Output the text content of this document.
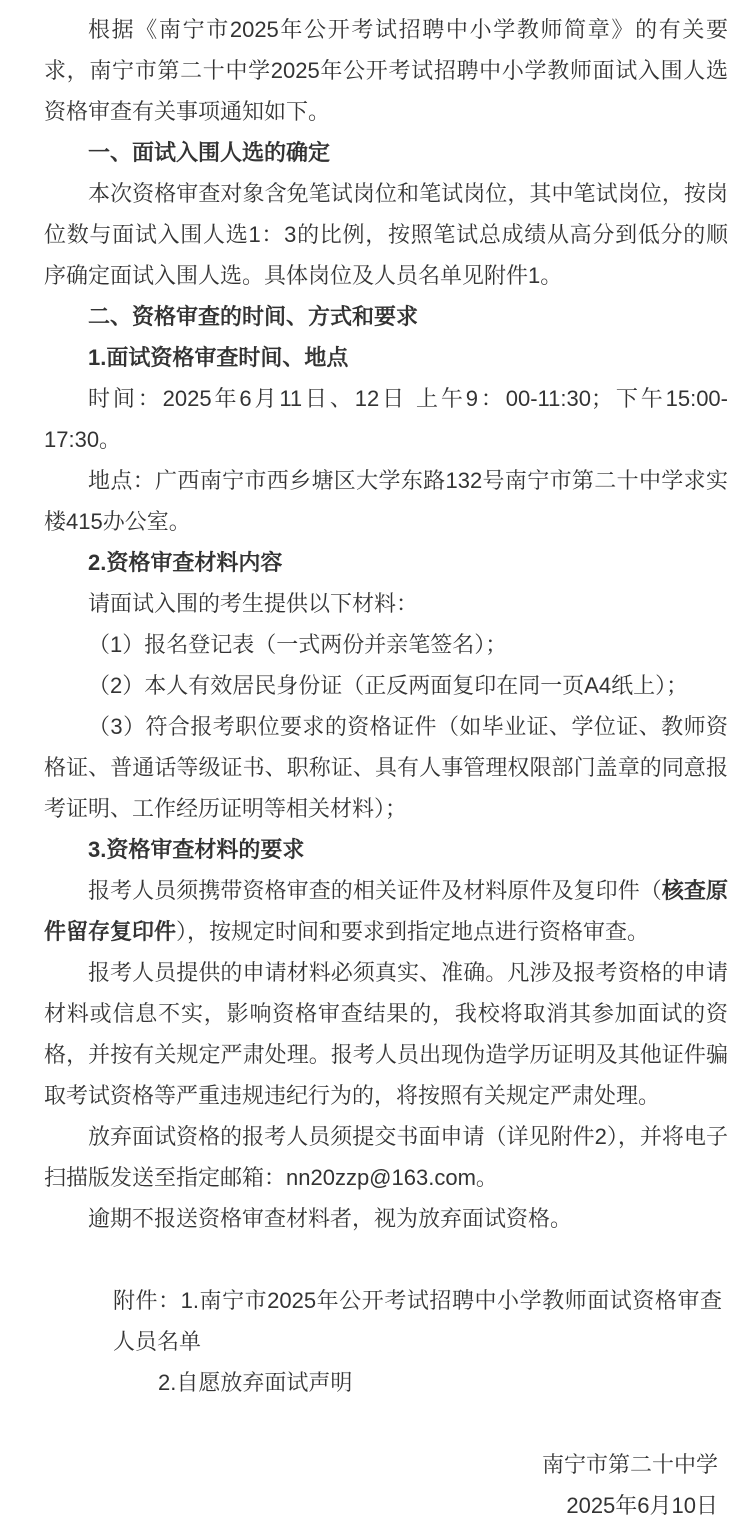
根据《南宁市2025年公开考试招聘中小学教师简章》的有关要求，南宁市第二十中学2025年公开考试招聘中小学教师面试入围人选资格审查有关事项通知如下。

一、面试入围人选的确定

本次资格审查对象含免笔试岗位和笔试岗位，其中笔试岗位，按岗位数与面试入围人选1：3的比例，按照笔试总成绩从高分到低分的顺序确定面试入围人选。具体岗位及人员名单见附件1。

二、资格审查的时间、方式和要求

1.面试资格审查时间、地点

时间：2025年6月11日、12日 上午9：00-11:30；下午15:00-17:30。

地点：广西南宁市西乡塘区大学东路132号南宁市第二十中学求实楼415办公室。

2.资格审查材料内容

请面试入围的考生提供以下材料：

（1）报名登记表（一式两份并亲笔签名）；

（2）本人有效居民身份证（正反两面复印在同一页A4纸上）；

（3）符合报考职位要求的资格证件（如毕业证、学位证、教师资格证、普通话等级证书、职称证、具有人事管理权限部门盖章的同意报考证明、工作经历证明等相关材料）；

3.资格审查材料的要求

报考人员须携带资格审查的相关证件及材料原件及复印件（核查原件留存复印件），按规定时间和要求到指定地点进行资格审查。

报考人员提供的申请材料必须真实、准确。凡涉及报考资格的申请材料或信息不实，影响资格审查结果的，我校将取消其参加面试的资格，并按有关规定严肃处理。报考人员出现伪造学历证明及其他证件骗取考试资格等严重违规违纪行为的，将按照有关规定严肃处理。

放弃面试资格的报考人员须提交书面申请（详见附件2），并将电子扫描版发送至指定邮箱：nn20zzp@163.com。

逾期不报送资格审查材料者，视为放弃面试资格。

附件：1.南宁市2025年公开考试招聘中小学教师面试资格审查人员名单

2.自愿放弃面试声明

南宁市第二十中学

2025年6月10日
